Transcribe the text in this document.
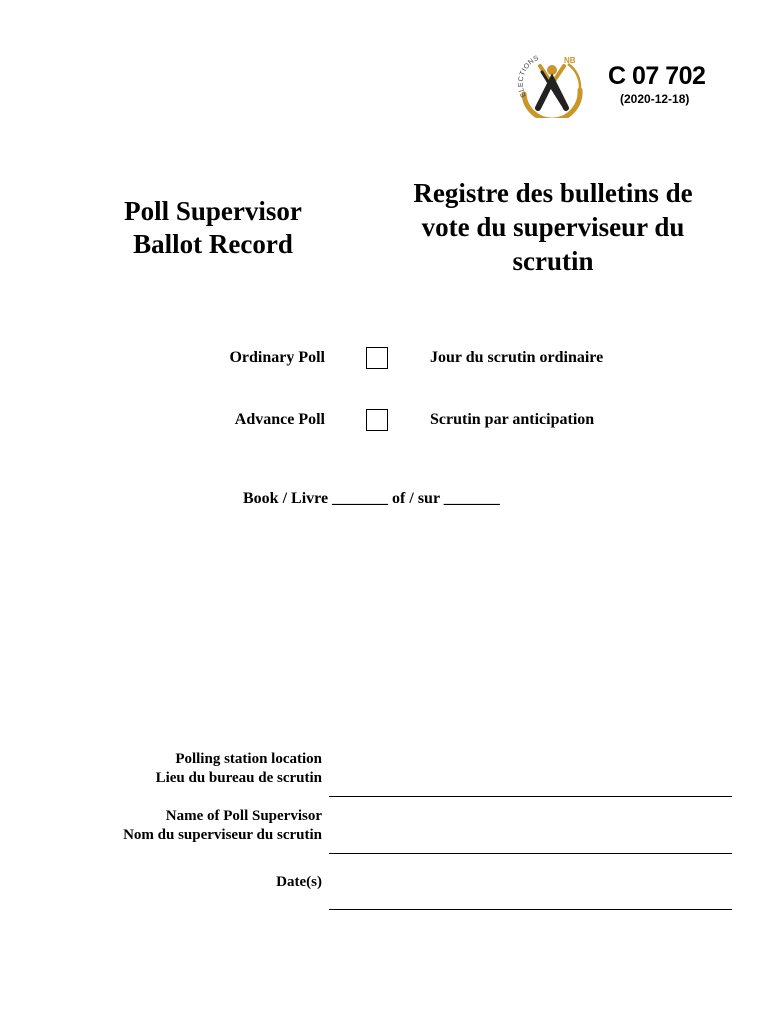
ELECTIONS	NB
C 07 702
(2020-12-18)
Poll Supervisor
Ballot Record
Registre des bulletins de
vote du superviseur du
scrutin
Ordinary Poll	Jour du scrutin ordinaire
Advance Poll	Scrutin par anticipation
Book / Livre _______ of / sur _______
Polling station location
Lieu du bureau de scrutin
Name of Poll Supervisor
Nom du superviseur du scrutin
Date(s)
